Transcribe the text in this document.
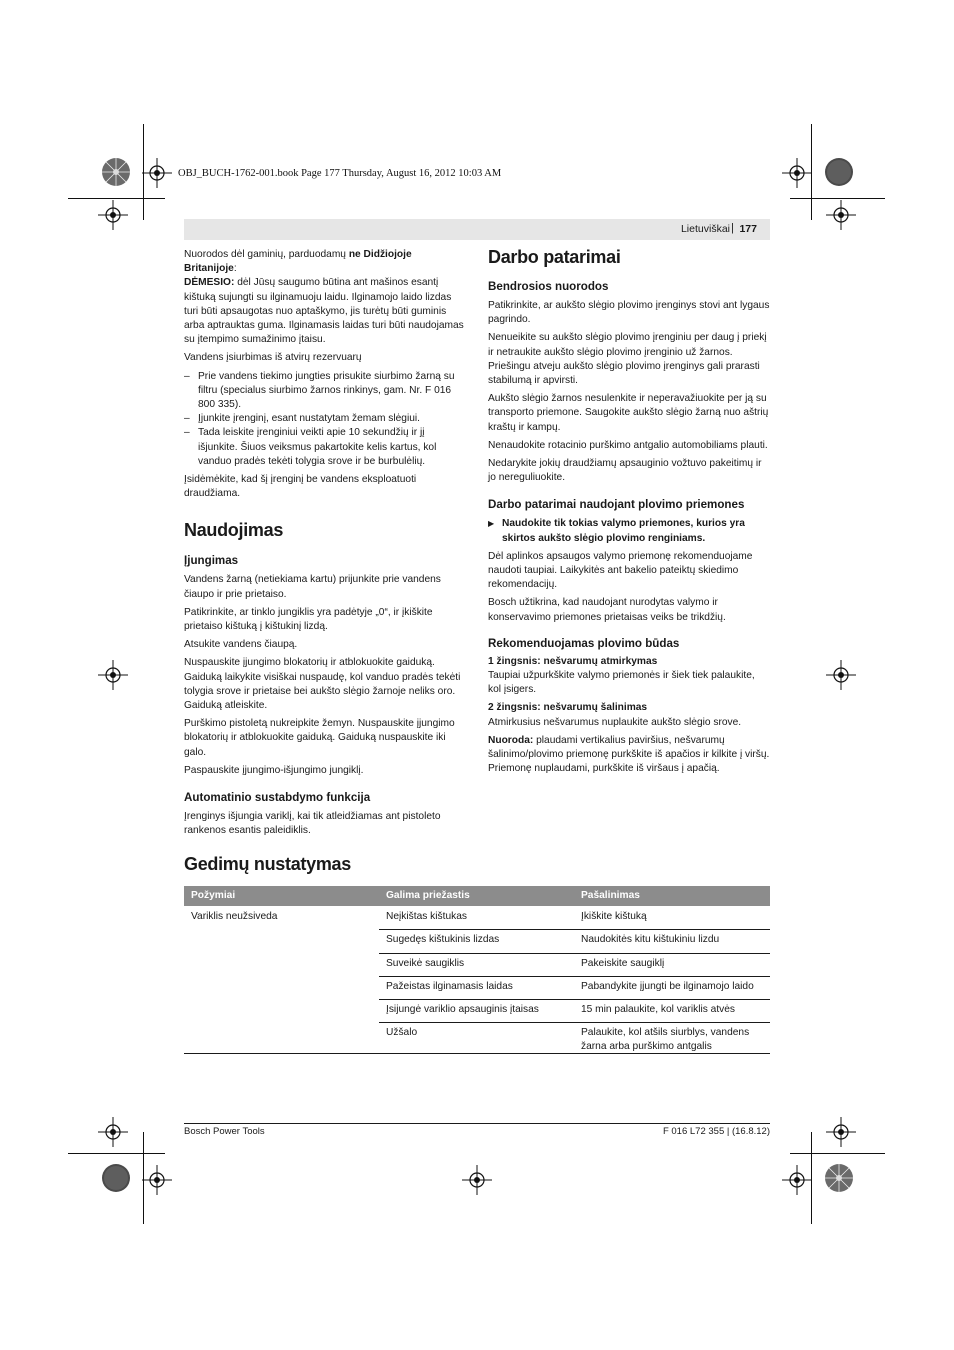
OBJ_BUCH-1762-001.book Page 177 Thursday, August 16, 2012 10:03 AM
Lietuviškai | 177

Nuorodos dėl gaminių, parduodamų ne Didžiojoje
Britanijoje:

DĖMESIO: dėl Jūsų saugumo būtina ant mašinos esantį kištuką sujungti su ilginamuoju laidu. Ilginamojo laido lizdas turi būti apsaugotas nuo aptaškymo, jis turėtų būti guminis arba aptrauktas guma. Ilginamasis laidas turi būti naudojamas su įtempimo sumažinimo įtaisu.

Vandens įsiurbimas iš atvirų rezervuarų

– Prie vandens tiekimo jungties prisukite siurbimo žarną su filtru (specialus siurbimo žarnos rinkinys, gam. Nr. F 016 800 335).
– Įjunkite įrenginį, esant nustatytam žemam slėgiui.
– Tada leiskite įrenginiui veikti apie 10 sekundžių ir jį išjunkite. Šiuos veiksmus pakartokite kelis kartus, kol vanduo pradės tekėti tolygia srove ir be burbulėlių.

Įsidėmėkite, kad šį įrenginį be vandens eksploatuoti draudžiama.

Naudojimas
Įjungimas

Vandens žarną (netiekiama kartu) prijunkite prie vandens čiaupo ir prie prietaiso.

Patikrinkite, ar tinklo jungiklis yra padėtyje „0“, ir įkiškite prietaiso kištuką į kištukinį lizdą.

Atsukite vandens čiaupą.

Nuspauskite įjungimo blokatorių ir atblokuokite gaiduką. Gaiduką laikykite visiškai nuspaudę, kol vanduo pradės tekėti tolygia srove ir prietaise bei aukšto slėgio žarnoje neliks oro. Gaiduką atleiskite.

Purškimo pistoletą nukreipkite žemyn. Nuspauskite įjungimo blokatorių ir atblokuokite gaiduką. Gaiduką nuspauskite iki galo.

Paspauskite įjungimo-išjungimo jungiklį.

Automatinio sustabdymo funkcija

Įrenginys išjungia variklį, kai tik atleidžiamas ant pistoleto rankenos esantis paleidiklis.

Darbo patarimai
Bendrosios nuorodos

Patikrinkite, ar aukšto slėgio plovimo įrenginys stovi ant lygaus pagrindo.

Nenueikite su aukšto slėgio plovimo įrenginiu per daug į priekį ir netraukite aukšto slėgio plovimo įrenginio už žarnos. Priešingu atveju aukšto slėgio plovimo įrenginys gali prarasti stabilumą ir apvirsti.

Aukšto slėgio žarnos nesulenkite ir neperavažiuokite per ją su transporto priemone. Saugokite aukšto slėgio žarną nuo aštrių kraštų ir kampų.

Nenaudokite rotacinio purškimo antgalio automobiliams plauti.

Nedarykite jokių draudžiamų apsauginio vožtuvo pakeitimų ir jo nereguliuokite.

Darbo patarimai naudojant plovimo priemones
▶ Naudokite tik tokias valymo priemones, kurios yra skirtos aukšto slėgio plovimo renginiams.

Dėl aplinkos apsaugos valymo priemonę rekomenduojame naudoti taupiai. Laikykitės ant bakelio pateiktų skiedimo rekomendacijų.

Bosch užtikrina, kad naudojant nurodytas valymo ir konservavimo priemones prietaisas veiks be trikdžių.

Rekomenduojamas plovimo būdas

1 žingsnis: nešvarumų atmirkymas

Taupiai užpurkškite valymo priemonės ir šiek tiek palaukite, kol įsigers.

2 žingsnis: nešvarumų šalinimas

Atmirkusius nešvarumus nuplaukite aukšto slėgio srove.

Nuoroda: plaudami vertikalius paviršius, nešvarumų šalinimo/plovimo priemonę purkškite iš apačios ir kilkite į viršų. Priemonę nuplaudami, purkškite iš viršaus į apačią.

Gedimų nustatymas
Požymiai	Galima priežastis	Pašalinimas
Variklis neužsiveda	Neįkištas kištukas	Įkiškite kištuką
	Sugedęs kištukinis lizdas	Naudokitės kitu kištukiniu lizdu
	Suveikė saugiklis	Pakeiskite saugiklį
	Pažeistas ilginamasis laidas	Pabandykite įjungti be ilginamojo laido
	Įsijungė variklio apsauginis įtaisas	15 min palaukite, kol variklis atvės
	Užšalo	Palaukite, kol atšils siurblys, vandens žarna arba purškimo antgalis
Bosch Power Tools	F 016 L72 355 | (16.8.12)
